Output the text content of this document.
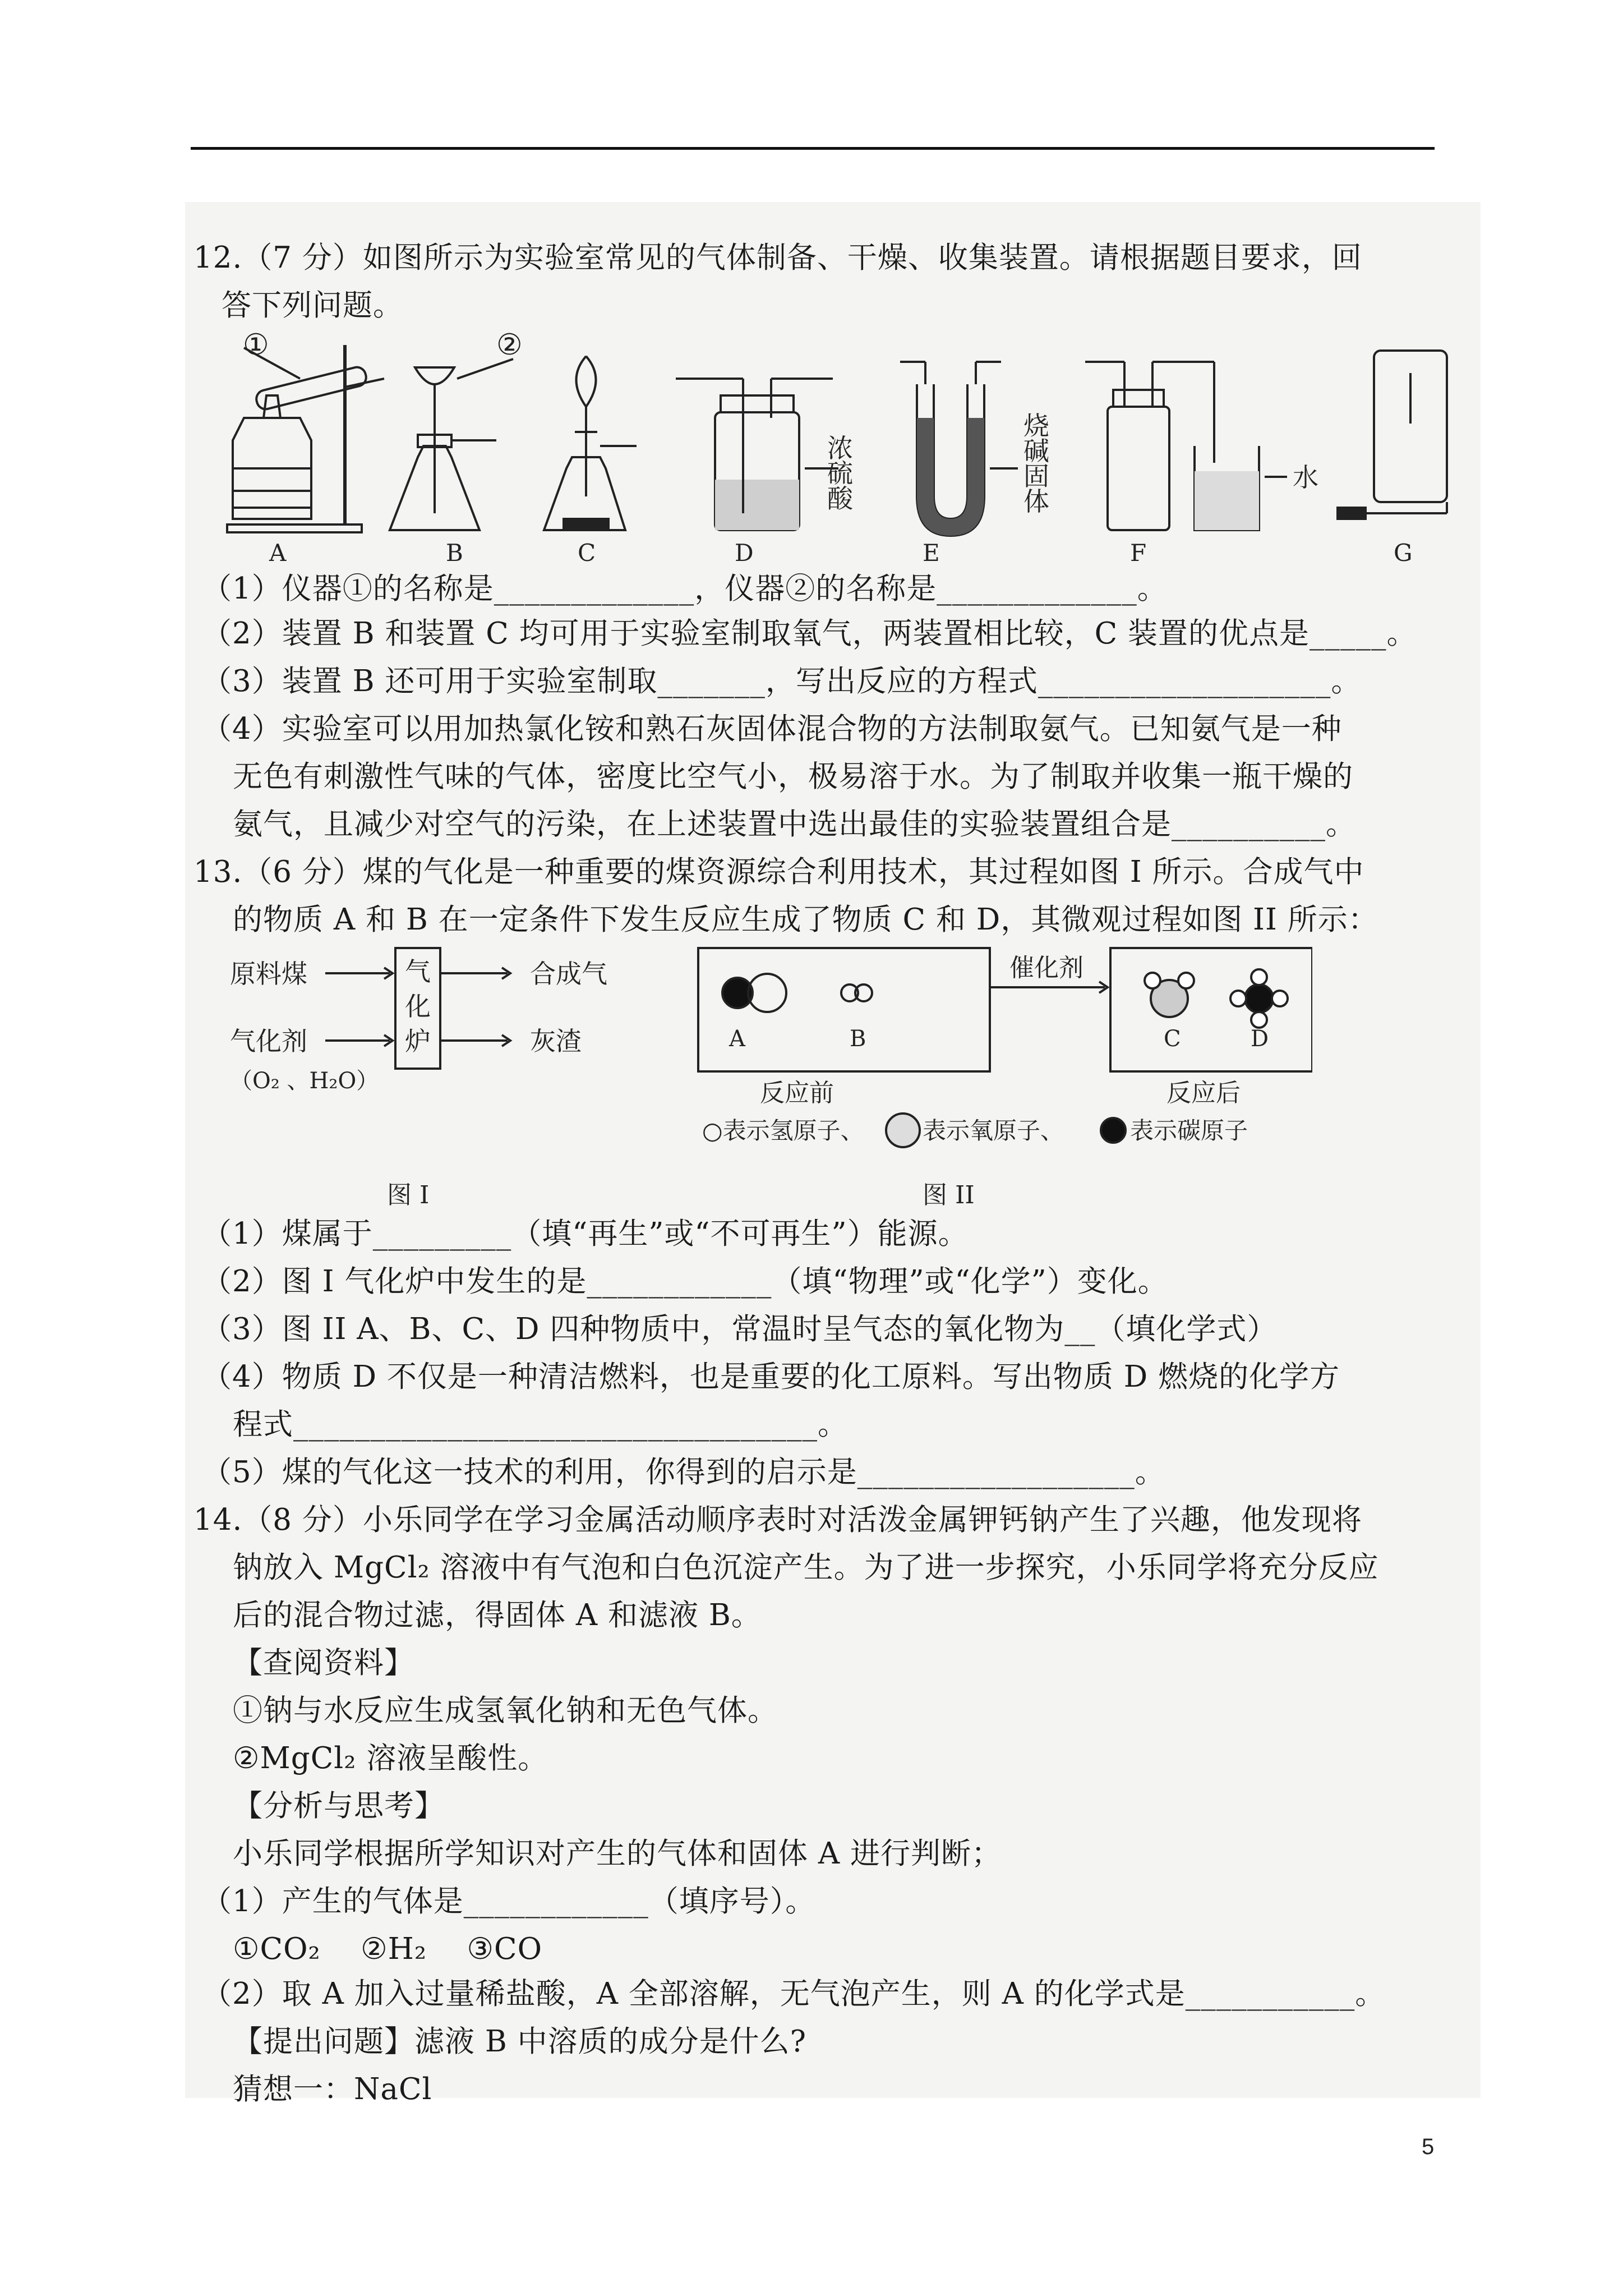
12.（7 分）如图所示为实验室常见的气体制备、干燥、收集装置。请根据题目要求，回
答下列问题。
①	②
浓
硫
酸
烧
碱
固
体
水
A	B	C	D	E	F	G
（1）仪器①的名称是_____________，仪器②的名称是_____________。
（2）装置 B 和装置 C 均可用于实验室制取氧气，两装置相比较，C 装置的优点是_____。
（3）装置 B 还可用于实验室制取_______，写出反应的方程式___________________。
（4）实验室可以用加热氯化铵和熟石灰固体混合物的方法制取氨气。已知氨气是一种
无色有刺激性气味的气体，密度比空气小，极易溶于水。为了制取并收集一瓶干燥的
氨气，且减少对空气的污染，在上述装置中选出最佳的实验装置组合是__________。
13.（6 分）煤的气化是一种重要的煤资源综合利用技术，其过程如图 I 所示。合成气中
的物质 A 和 B 在一定条件下发生反应生成了物质 C 和 D，其微观过程如图 II 所示：
原料煤
气化剂
（O₂ 、H₂O）
气
化
炉
合成气
灰渣
图 I
A	B	C	D
催化剂
反应前	反应后
○表示氢原子、 表示氧原子、	表示碳原子
图 II
（1）煤属于_________（填“再生”或“不可再生”）能源。
（2）图 I 气化炉中发生的是____________（填“物理”或“化学”）变化。
（3）图 II A、B、C、D 四种物质中，常温时呈气态的氧化物为__（填化学式）
（4）物质 D 不仅是一种清洁燃料，也是重要的化工原料。写出物质 D 燃烧的化学方
程式__________________________________。
（5）煤的气化这一技术的利用，你得到的启示是__________________。
14.（8 分）小乐同学在学习金属活动顺序表时对活泼金属钾钙钠产生了兴趣，他发现将
钠放入 MgCl₂ 溶液中有气泡和白色沉淀产生。为了进一步探究，小乐同学将充分反应
后的混合物过滤，得固体 A 和滤液 B。
【查阅资料】
①钠与水反应生成氢氧化钠和无色气体。
②MgCl₂ 溶液呈酸性。
【分析与思考】
小乐同学根据所学知识对产生的气体和固体 A 进行判断；
（1）产生的气体是____________（填序号）。
①CO₂    ②H₂    ③CO
（2）取 A 加入过量稀盐酸，A 全部溶解，无气泡产生，则 A 的化学式是___________。
【提出问题】滤液 B 中溶质的成分是什么?
猜想一：NaCl
5
